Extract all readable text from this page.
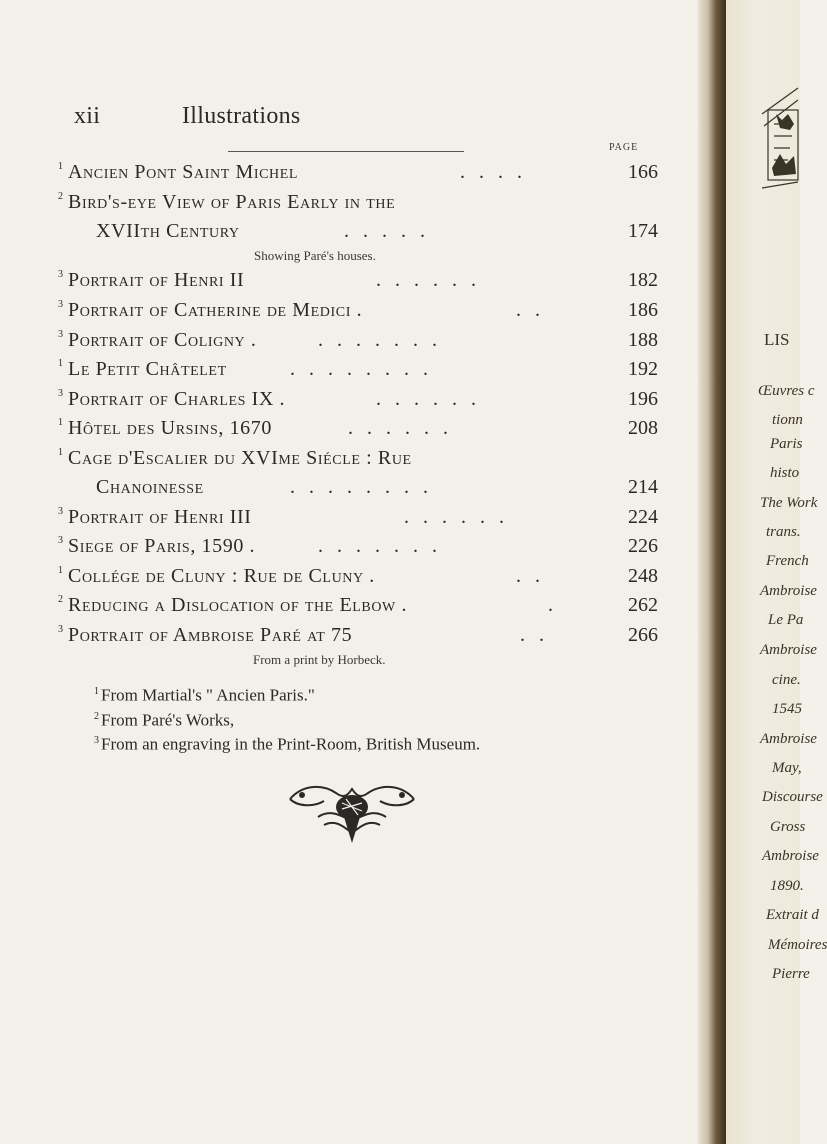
xii	Illustrations
PAGE
1 Ancien Pont Saint Michel	....	166
2 Bird's-eye View of Paris Early in the
XVIIth Century	.....	174
Showing Paré's houses.
3 Portrait of Henri II	......	182
3 Portrait of Catherine de Medici .	..	186
3 Portrait of Coligny .	.......	188
1 Le Petit Châtelet	........	192
3 Portrait of Charles IX .	......	196
1 Hôtel des Ursins, 1670	......	208
1 Cage d'Escalier du XVIme Siécle : Rue
Chanoinesse	........	214
3 Portrait of Henri III	......	224
3 Siege of Paris, 1590 .	.......	226
1 Collége de Cluny : Rue de Cluny .	..	248
2 Reducing a Dislocation of the Elbow .	.	262
3 Portrait of Ambroise Paré at 75	..	266
From a print by Horbeck.
$^1$ From Martial's " Ancien Paris."
$^2$ From Paré's Works,
$^3$ From an engraving in the Print-Room, British Museum.
LIS
Œuvres c
tionn
Paris
histo
The Work
trans.
French
Ambroise
Le Pa
Ambroise
cine.
1545
Ambroise
May,
Discourse
Gross
Ambroise
1890.
Extrait d
Mémoires
Pierre
